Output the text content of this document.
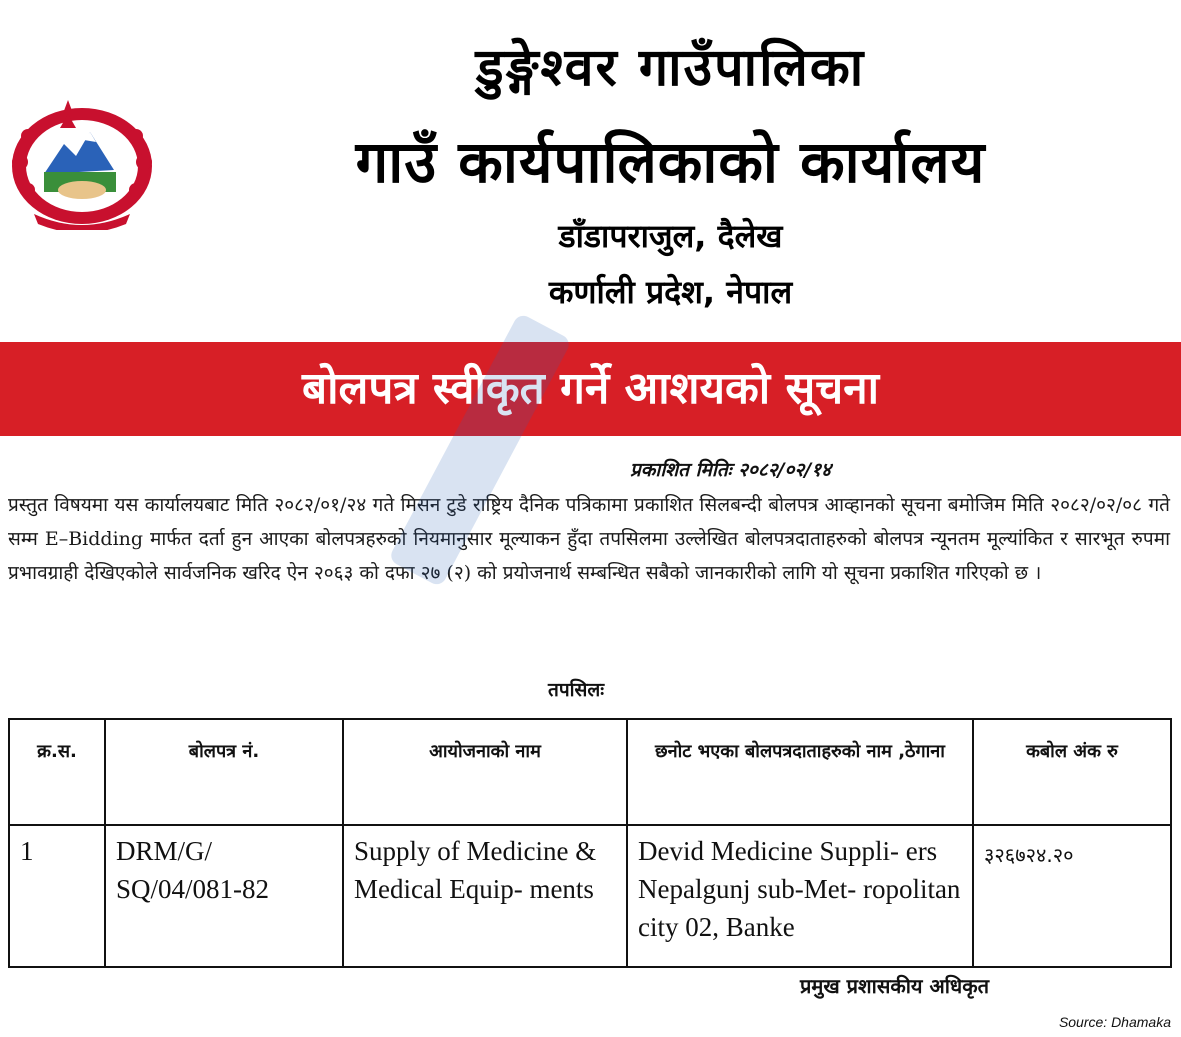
डुङ्गेश्वर गाउँपालिका
गाउँ कार्यपालिकाको कार्यालय
डाँडापराजुल, दैलेख
कर्णाली प्रदेश, नेपाल
बोलपत्र स्वीकृत गर्ने आशयको सूचना
प्रकाशित मितिः २०८२/०२/१४
प्रस्तुत विषयमा यस कार्यालयबाट मिति २०८२/०१/२४ गते मिसन टुडे राष्ट्रिय दैनिक पत्रिकामा प्रकाशित सिलबन्दी बोलपत्र आव्हानको सूचना बमोजिम मिति २०८२/०२/०८ गते सम्म E–Bidding मार्फत दर्ता हुन आएका बोलपत्रहरुको नियमानुसार मूल्याकन हुँदा तपसिलमा उल्लेखित बोलपत्रदाताहरुको बोलपत्र न्यूनतम मूल्यांकित र सारभूत रुपमा प्रभावग्राही देखिएकोले सार्वजनिक खरिद ऐन २०६३ को दफा २७ (२) को प्रयोजनार्थ सम्बन्धित सबैको जानकारीको लागि यो सूचना प्रकाशित गरिएको छ ।
तपसिलः
क्र.स.	बोलपत्र नं.	आयोजनाको नाम	छनोट भएका बोलपत्रदाताहरुको नाम ,ठेगाना	कबोल अंक रु
1	DRM/G/ SQ/04/081-82	Supply of Medicine & Medical Equip- ments	Devid Medicine Suppli- ers Nepalgunj sub-Met- ropolitan city 02, Banke	३२६७२४.२०
प्रमुख प्रशासकीय अधिकृत
Source: Dhamaka
